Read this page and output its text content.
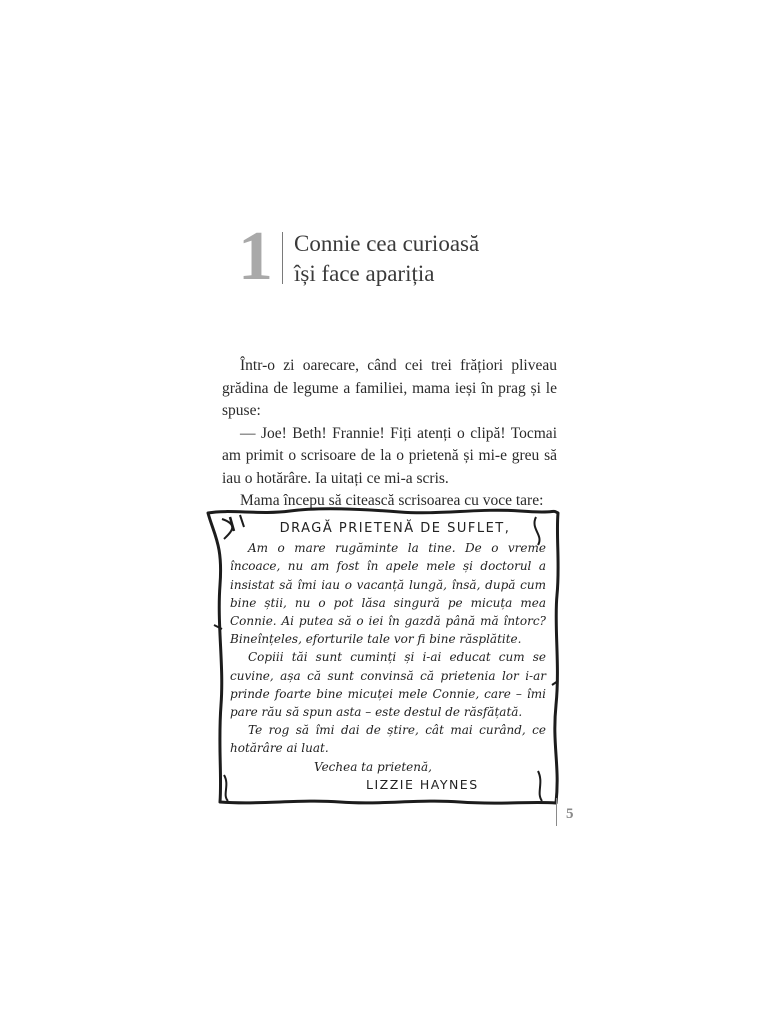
1 Connie cea curioasă
își face apariția

Într-o zi oarecare, când cei trei frățiori pliveau grădina de legume a familiei, mama ieși în prag și le spuse:

— Joe! Beth! Frannie! Fiți atenți o clipă! Tocmai am primit o scrisoare de la o prietenă și mi-e greu să iau o hotărâre. Ia uitați ce mi-a scris.

Mama începu să citească scrisoarea cu voce tare:

DRAGĂ PRIETENĂ DE SUFLET,

Am o mare rugăminte la tine. De o vreme încoace, nu am fost în apele mele și doctorul a insistat să îmi iau o vacanță lungă, însă, după cum bine știi, nu o pot lăsa singură pe micuța mea Connie. Ai putea să o iei în gazdă până mă întorc? Bineînțeles, eforturile tale vor fi bine răsplătite.

Copiii tăi sunt cuminți și i-ai educat cum se cuvine, așa că sunt convinsă că prietenia lor i-ar prinde foarte bine micuței mele Connie, care – îmi pare rău să spun asta – este destul de răsfățată.

Te rog să îmi dai de știre, cât mai curând, ce hotărâre ai luat.

Vechea ta prietenă,

LIZZIE HAYNES
5
